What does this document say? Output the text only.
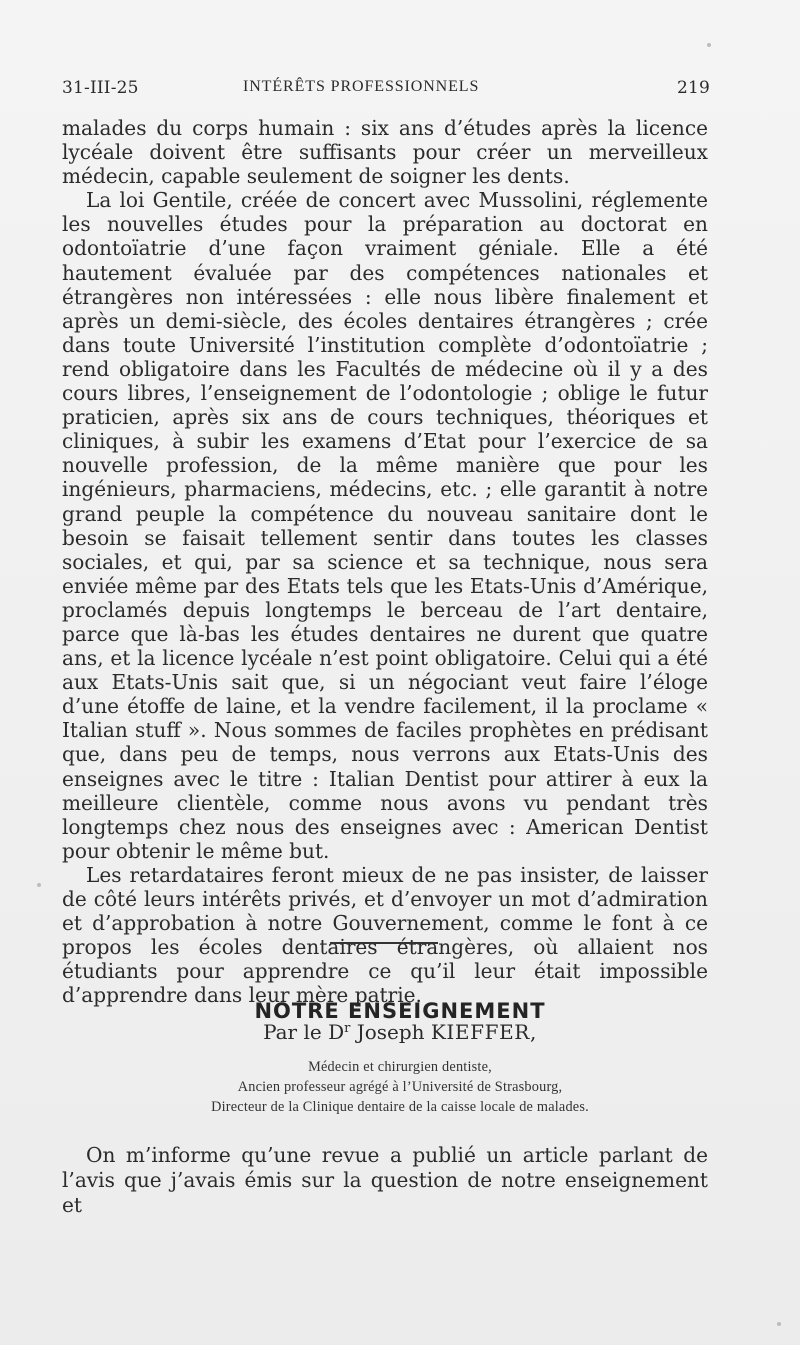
31-III-25	INTÉRÊTS PROFESSIONNELS	219

malades du corps humain : six ans d’études après la licence lycéale doivent être suffisants pour créer un merveilleux médecin, capable seulement de soigner les dents.

La loi Gentile, créée de concert avec Mussolini, réglemente les nouvelles études pour la préparation au doctorat en odontoïatrie d’une façon vraiment géniale. Elle a été hautement évaluée par des compétences nationales et étrangères non intéressées : elle nous libère finalement et après un demi-siècle, des écoles dentaires étrangères ; crée dans toute Université l’institution complète d’odontoïatrie ; rend obligatoire dans les Facultés de médecine où il y a des cours libres, l’enseignement de l’odontologie ; oblige le futur praticien, après six ans de cours techniques, théoriques et cliniques, à subir les examens d’Etat pour l’exercice de sa nouvelle profession, de la même manière que pour les ingénieurs, pharmaciens, médecins, etc. ; elle garantit à notre grand peuple la compétence du nouveau sanitaire dont le besoin se faisait tellement sentir dans toutes les classes sociales, et qui, par sa science et sa technique, nous sera enviée même par des Etats tels que les Etats-Unis d’Amérique, proclamés depuis longtemps le berceau de l’art dentaire, parce que là-bas les études dentaires ne durent que quatre ans, et la licence lycéale n’est point obligatoire. Celui qui a été aux Etats-Unis sait que, si un négociant veut faire l’éloge d’une étoffe de laine, et la vendre facilement, il la proclame « Italian stuff ». Nous sommes de faciles prophètes en prédisant que, dans peu de temps, nous verrons aux Etats-Unis des enseignes avec le titre : Italian Dentist pour attirer à eux la meilleure clientèle, comme nous avons vu pendant très longtemps chez nous des enseignes avec : American Dentist pour obtenir le même but.

Les retardataires feront mieux de ne pas insister, de laisser de côté leurs intérêts privés, et d’envoyer un mot d’admiration et d’approbation à notre Gouvernement, comme le font à ce propos les écoles dentaires étrangères, où allaient nos étudiants pour apprendre ce qu’il leur était impossible d’apprendre dans leur mère patrie.

NOTRE ENSEIGNEMENT
Par le $D^r$ Joseph KIEFFER,
Médecin et chirurgien dentiste,
Ancien professeur agrégé à l’Université de Strasbourg,
Directeur de la Clinique dentaire de la caisse locale de malades.

On m’informe qu’une revue a publié un article parlant de l’avis que j’avais émis sur la question de notre enseignement et
